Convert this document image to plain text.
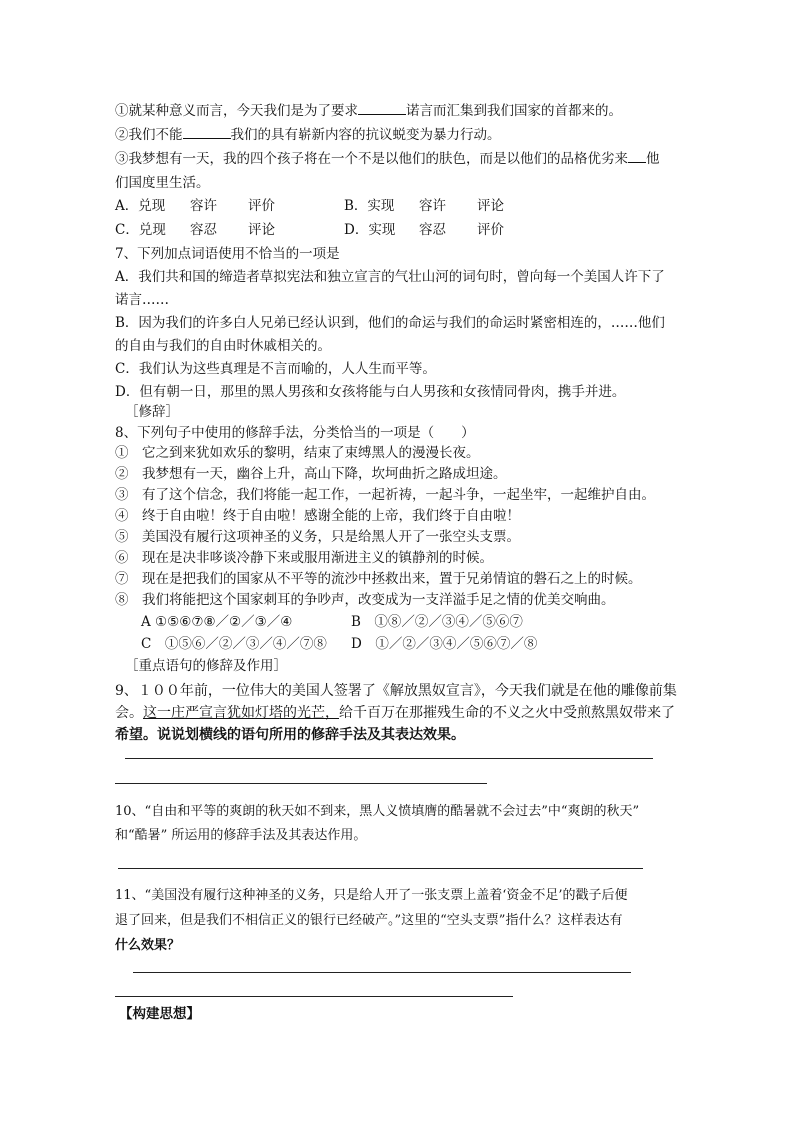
①就某种意义而言，今天我们是为了要求	诺言而汇集到我们国家的首都来的。
②我们不能	我们的具有崭新内容的抗议蜕变为暴力行动。
③我梦想有一天，我的四个孩子将在一个不是以他们的肤色，而是以他们的品格优劣来 他
们国度里生活。
A．兑现	容许	评价	B．实现	容许	评论
C．兑现	容忍	评论	D．实现	容忍	评价
7、下列加点词语使用不恰当的一项是
A．我们共和国的缔造者草拟宪法和独立宣言的气壮山河的词句时，曾向每一个美国人许下了
诺言……
B．因为我们的许多白人兄弟已经认识到，他们的命运与我们的命运时紧密相连的，……他们
的自由与我们的自由时休戚相关的。
C．我们认为这些真理是不言而喻的，人人生而平等。
D．但有朝一日，那里的黑人男孩和女孩将能与白人男孩和女孩情同骨肉，携手并进。
［修辞］
8、下列句子中使用的修辞手法，分类恰当的一项是（　　）
①　它之到来犹如欢乐的黎明，结束了束缚黑人的漫漫长夜。
②　我梦想有一天，幽谷上升，高山下降，坎坷曲折之路成坦途。
③　有了这个信念，我们将能一起工作，一起祈祷，一起斗争，一起坐牢，一起维护自由。
④　终于自由啦！终于自由啦！感谢全能的上帝，我们终于自由啦！
⑤　美国没有履行这项神圣的义务，只是给黑人开了一张空头支票。
⑥　现在是决非哆谈冷静下来或服用渐进主义的镇静剂的时候。
⑦　现在是把我们的国家从不平等的流沙中拯救出来，置于兄弟情谊的磐石之上的时候。
⑧　我们将能把这个国家刺耳的争吵声，改变成为一支洋溢手足之情的优美交响曲。
A ①⑤⑥⑦⑧／②／③／④	B　①⑧／②／③④／⑤⑥⑦
C　①⑤⑥／②／③／④／⑦⑧	D　①／②／③④／⑤⑥⑦／⑧
［重点语句的修辞及作用］
9、１００年前，一位伟大的美国人签署了《解放黑奴宣言》，今天我们就是在他的雕像前集
会。这一庄严宣言犹如灯塔的光芒，给千百万在那摧残生命的不义之火中受煎熬黑奴带来了
希望。说说划横线的语句所用的修辞手法及其表达效果。
10、“自由和平等的爽朗的秋天如不到来，黑人义愤填膺的酷暑就不会过去”中“爽朗的秋天”
和“酷暑” 所运用的修辞手法及其表达作用。
11、“美国没有履行这种神圣的义务，只是给人开了一张支票上盖着‘资金不足’的戳子后便
退了回来，但是我们不相信正义的银行已经破产。”这里的“空头支票”指什么？这样表达有
什么效果？
【构建思想】
